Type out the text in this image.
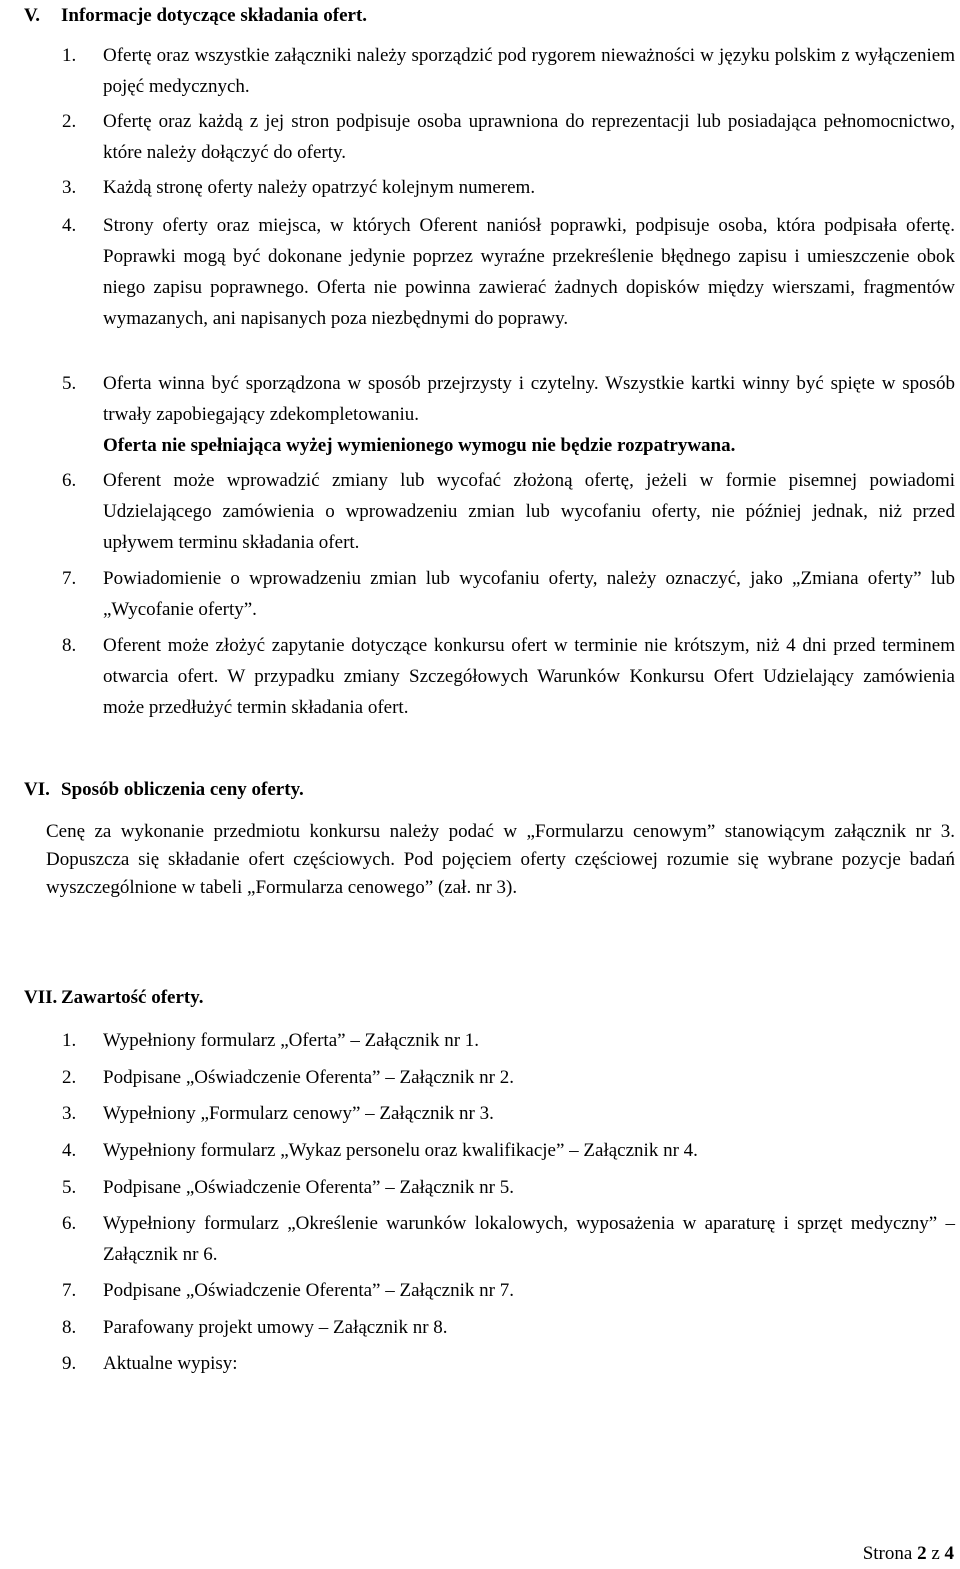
V.	Informacje dotyczące składania ofert.
1.	Ofertę oraz wszystkie załączniki należy sporządzić pod rygorem nieważności w języku polskim z wyłączeniem pojęć medycznych.
2.	Ofertę oraz każdą z jej stron podpisuje osoba uprawniona do reprezentacji lub posiadająca pełnomocnictwo, które należy dołączyć do oferty.
3.	Każdą stronę oferty należy opatrzyć kolejnym numerem.
4.	Strony oferty oraz miejsca, w których Oferent naniósł poprawki, podpisuje osoba, która podpisała ofertę. Poprawki mogą być dokonane jedynie poprzez wyraźne przekreślenie błędnego zapisu i umieszczenie obok niego zapisu poprawnego. Oferta nie powinna zawierać żadnych dopisków między wierszami, fragmentów wymazanych, ani napisanych poza niezbędnymi do poprawy.
5.	Oferta winna być sporządzona w sposób przejrzysty i czytelny. Wszystkie kartki winny być spięte w sposób trwały zapobiegający zdekompletowaniu.
Oferta nie spełniająca wyżej wymienionego wymogu nie będzie rozpatrywana.
6.	Oferent może wprowadzić zmiany lub wycofać złożoną ofertę, jeżeli w formie pisemnej powiadomi Udzielającego zamówienia o wprowadzeniu zmian lub wycofaniu oferty, nie później jednak, niż przed upływem terminu składania ofert.
7.	Powiadomienie o wprowadzeniu zmian lub wycofaniu oferty, należy oznaczyć, jako „Zmiana oferty” lub „Wycofanie oferty”.
8.	Oferent może złożyć zapytanie dotyczące konkursu ofert w terminie nie krótszym, niż 4 dni przed terminem otwarcia ofert. W przypadku zmiany Szczegółowych Warunków Konkursu Ofert Udzielający zamówienia może przedłużyć termin składania ofert.
VI. Sposób obliczenia ceny oferty.
Cenę za wykonanie przedmiotu konkursu należy podać w „Formularzu cenowym” stanowiącym załącznik nr 3. Dopuszcza się składanie ofert częściowych. Pod pojęciem oferty częściowej rozumie się wybrane pozycje badań wyszczególnione w tabeli „Formularza cenowego” (zał. nr 3).
VII. Zawartość oferty.
1.	Wypełniony formularz „Oferta” – Załącznik nr 1.
2.	Podpisane „Oświadczenie Oferenta” – Załącznik nr 2.
3.	Wypełniony „Formularz cenowy” – Załącznik nr 3.
4.	Wypełniony formularz „Wykaz personelu oraz kwalifikacje” – Załącznik nr 4.
5.	Podpisane „Oświadczenie Oferenta” – Załącznik nr 5.
6.	Wypełniony formularz „Określenie warunków lokalowych, wyposażenia w aparaturę i sprzęt medyczny” – Załącznik nr 6.
7.	Podpisane „Oświadczenie Oferenta” – Załącznik nr 7.
8.	Parafowany projekt umowy – Załącznik nr 8.
9.	Aktualne wypisy:
Strona 2 z 4
